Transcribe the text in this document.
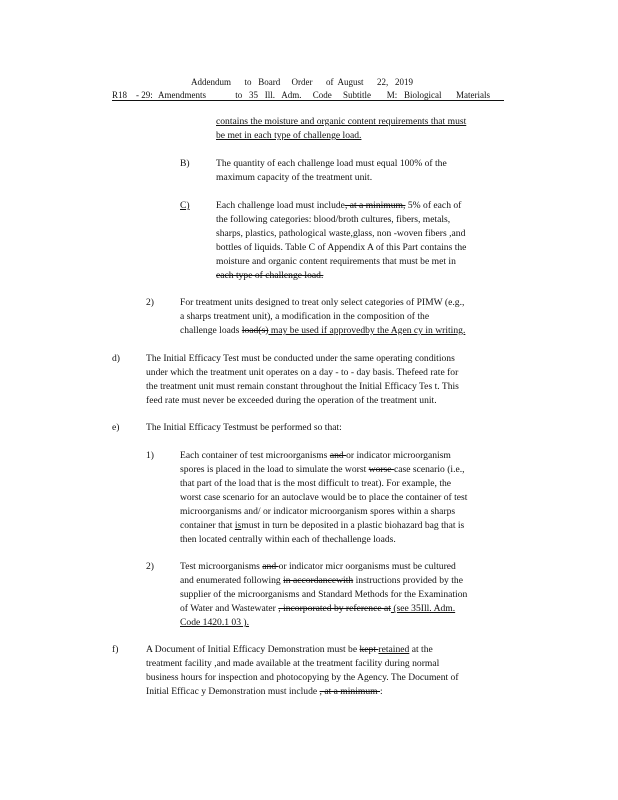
Addendum      to   Board     Order      of  August      22,   2019
R18    - 29: Amendments             to   35   Ill.   Adm.     Code     Subtitle       M:   Biological Materials
contains the moisture and organic content requirements that must
be met in each type of challenge load.
B)	The quantity of each challenge load must equal 100% of the
maximum capacity of the treatment unit.
C)	Each challenge load must include, at a minimum, 5% of each of
the following categories: blood/broth cultures, fibers, metals,
sharps, plastics, pathological waste,glass, non -woven fibers ,and
bottles of liquids. Table C of Appendix A of this Part contains the
moisture and organic content requirements that must be met in
each type of challenge load.
2)	For treatment units designed to treat only select categories of PIMW (e.g.,
a sharps treatment unit), a modification in the composition of the
challenge loads load(s) may be used if approvedby the Agen cy in writing.
d)	The Initial Efficacy Test must be conducted under the same operating conditions
under which the treatment unit operates on a day - to - day basis. Thefeed rate for
the treatment unit must remain constant throughout the Initial Efficacy Tes t. This
feed rate must never be exceeded during the operation of the treatment unit.
e)	The Initial Efficacy Testmust be performed so that:
1)	Each container of test microorganisms and or indicator microorganism
spores is placed in the load to simulate the worst worse case scenario (i.e.,
that part of the load that is the most difficult to treat). For example, the
worst case scenario for an autoclave would be to place the container of test
microorganisms and/ or indicator microorganism spores within a sharps
container that ismust in turn be deposited in a plastic biohazard bag that is
then located centrally within each of thechallenge loads.
2)	Test microorganisms and or indicator micr oorganisms must be cultured
and enumerated following in accordancewith instructions provided by the
supplier of the microorganisms and Standard Methods for the Examination
of Water and Wastewater , incorporated by reference at (see 35Ill. Adm.
Code 1420.1 03 ).
f)	A Document of Initial Efficacy Demonstration must be kept retained at the
treatment facility ,and made available at the treatment facility during normal
business hours for inspection and photocopying by the Agency. The Document of
Initial Efficac y Demonstration must include , at a minimum :
